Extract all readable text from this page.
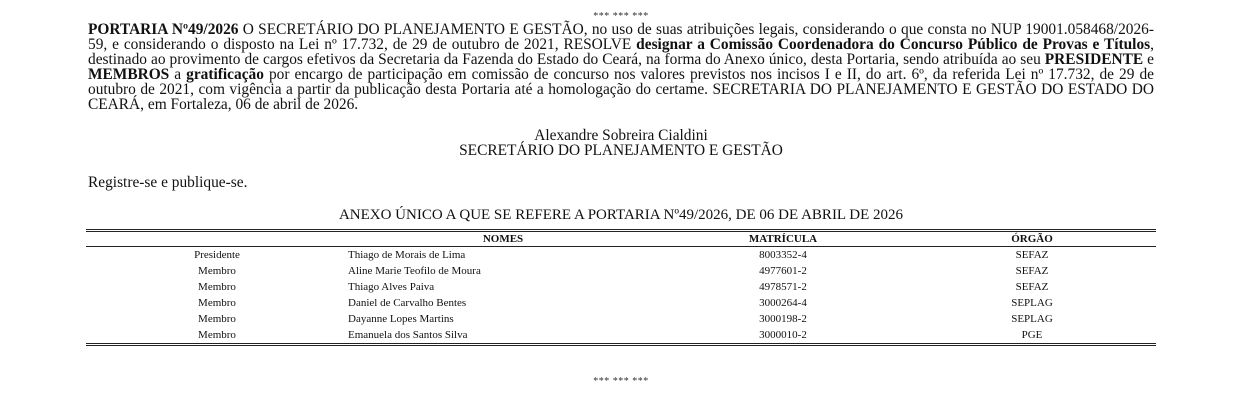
*** *** ***
PORTARIA Nº49/2026 O SECRETÁRIO DO PLANEJAMENTO E GESTÃO, no uso de suas atribuições legais, considerando o que consta no NUP 19001.058468/2026-59, e considerando o disposto na Lei nº 17.732, de 29 de outubro de 2021, RESOLVE designar a Comissão Coordenadora do Concurso Público de Provas e Títulos, destinado ao provimento de cargos efetivos da Secretaria da Fazenda do Estado do Ceará, na forma do Anexo único, desta Portaria, sendo atribuída ao seu PRESIDENTE e MEMBROS a gratificação por encargo de participação em comissão de concurso nos valores previstos nos incisos I e II, do art. 6º, da referida Lei nº 17.732, de 29 de outubro de 2021, com vigência a partir da publicação desta Portaria até a homologação do certame. SECRETARIA DO PLANEJAMENTO E GESTÃO DO ESTADO DO CEARÁ, em Fortaleza, 06 de abril de 2026.
Alexandre Sobreira Cialdini
SECRETÁRIO DO PLANEJAMENTO E GESTÃO
Registre-se e publique-se.
ANEXO ÚNICO A QUE SE REFERE A PORTARIA Nº49/2026, DE 06 DE ABRIL DE 2026
	NOMES	MATRÍCULA	ÓRGÃO
Presidente	Thiago de Morais de Lima	8003352-4	SEFAZ
Membro	Aline Marie Teofilo de Moura	4977601-2	SEFAZ
Membro	Thiago Alves Paiva	4978571-2	SEFAZ
Membro	Daniel de Carvalho Bentes	3000264-4	SEPLAG
Membro	Dayanne Lopes Martins	3000198-2	SEPLAG
Membro	Emanuela dos Santos Silva	3000010-2	PGE
*** *** ***
